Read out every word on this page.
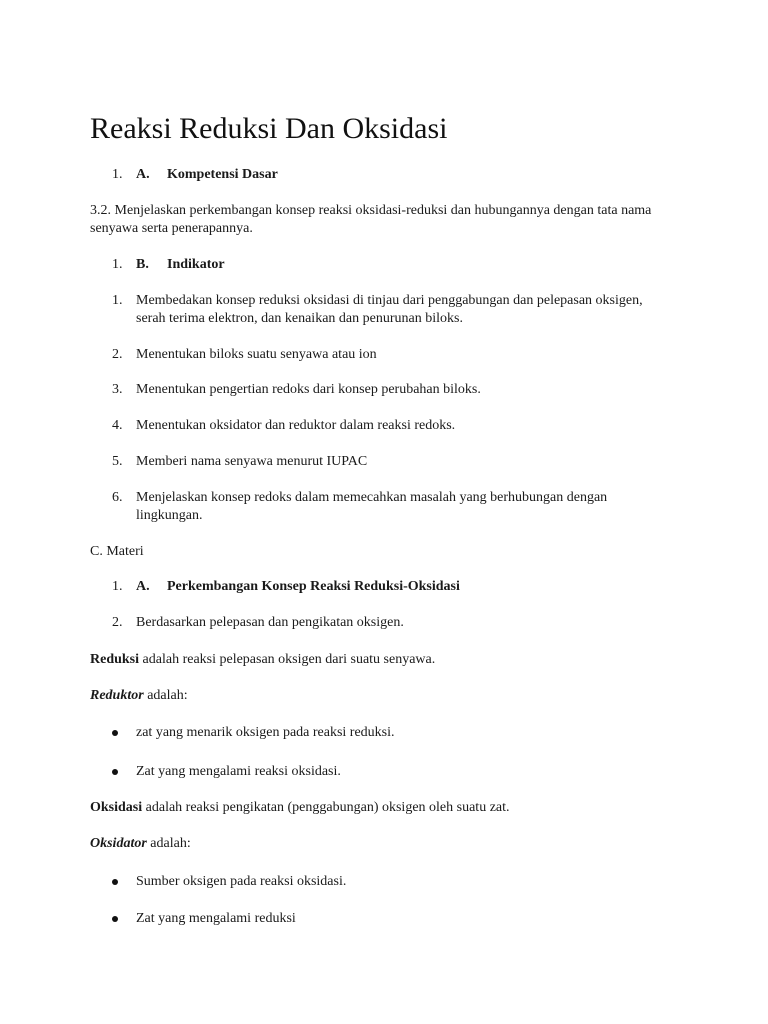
Reaksi Reduksi Dan Oksidasi
1. A. Kompetensi Dasar

3.2. Menjelaskan perkembangan konsep reaksi oksidasi-reduksi dan hubungannya dengan tata nama senyawa serta penerapannya.

1. B. Indikator
1. Membedakan konsep reduksi oksidasi di tinjau dari penggabungan dan pelepasan oksigen, serah terima elektron, dan kenaikan dan penurunan biloks.
2. Menentukan biloks suatu senyawa atau ion
3. Menentukan pengertian redoks dari konsep perubahan biloks.
4. Menentukan oksidator dan reduktor dalam reaksi redoks.
5. Memberi nama senyawa menurut IUPAC
6. Menjelaskan konsep redoks dalam memecahkan masalah yang berhubungan dengan lingkungan.
C. Materi
1. A. Perkembangan Konsep Reaksi Reduksi-Oksidasi
2. Berdasarkan pelepasan dan pengikatan oksigen.
Reduksi adalah reaksi pelepasan oksigen dari suatu senyawa.
Reduktor adalah:
zat yang menarik oksigen pada reaksi reduksi.
Zat yang mengalami reaksi oksidasi.
Oksidasi adalah reaksi pengikatan (penggabungan) oksigen oleh suatu zat.
Oksidator adalah:
Sumber oksigen pada reaksi oksidasi.
Zat yang mengalami reduksi
